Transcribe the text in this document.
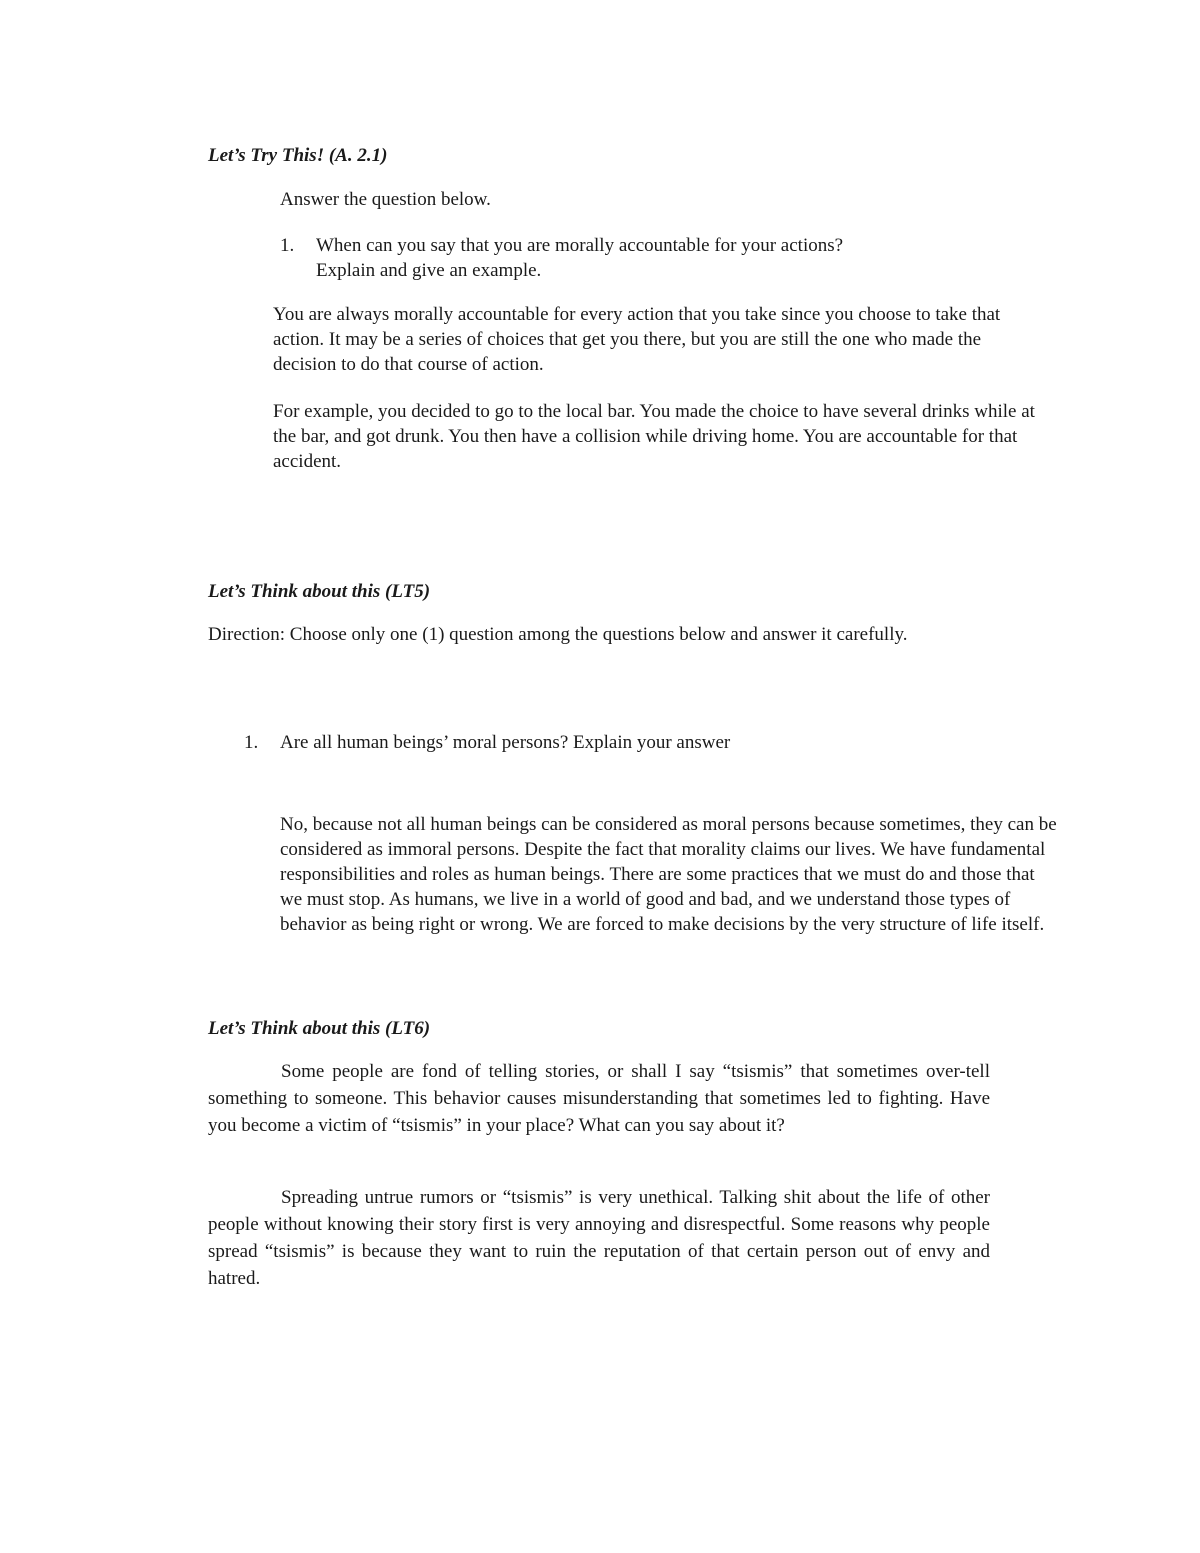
Let’s Try This! (A. 2.1)

Answer the question below.

1.	When can you say that you are morally accountable for your actions?

Explain and give an example.

You are always morally accountable for every action that you take since you choose to take that action. It may be a series of choices that get you there, but you are still the one who made the decision to do that course of action.

For example, you decided to go to the local bar. You made the choice to have several drinks while at the bar, and got drunk. You then have a collision while driving home. You are accountable for that accident.

Let’s Think about this (LT5)

Direction: Choose only one (1) question among the questions below and answer it carefully.

1.	Are all human beings’ moral persons? Explain your answer

No, because not all human beings can be considered as moral persons because sometimes, they can be considered as immoral persons. Despite the fact that morality claims our lives. We have fundamental responsibilities and roles as human beings. There are some practices that we must do and those that we must stop. As humans, we live in a world of good and bad, and we understand those types of behavior as being right or wrong. We are forced to make decisions by the very structure of life itself.

Let’s Think about this (LT6)

Some people are fond of telling stories, or shall I say “tsismis” that sometimes over-tell something to someone. This behavior causes misunderstanding that sometimes led to fighting. Have you become a victim of “tsismis” in your place? What can you say about it?

Spreading untrue rumors or “tsismis” is very unethical. Talking shit about the life of other people without knowing their story first is very annoying and disrespectful. Some reasons why people spread “tsismis” is because they want to ruin the reputation of that certain person out of envy and hatred.
